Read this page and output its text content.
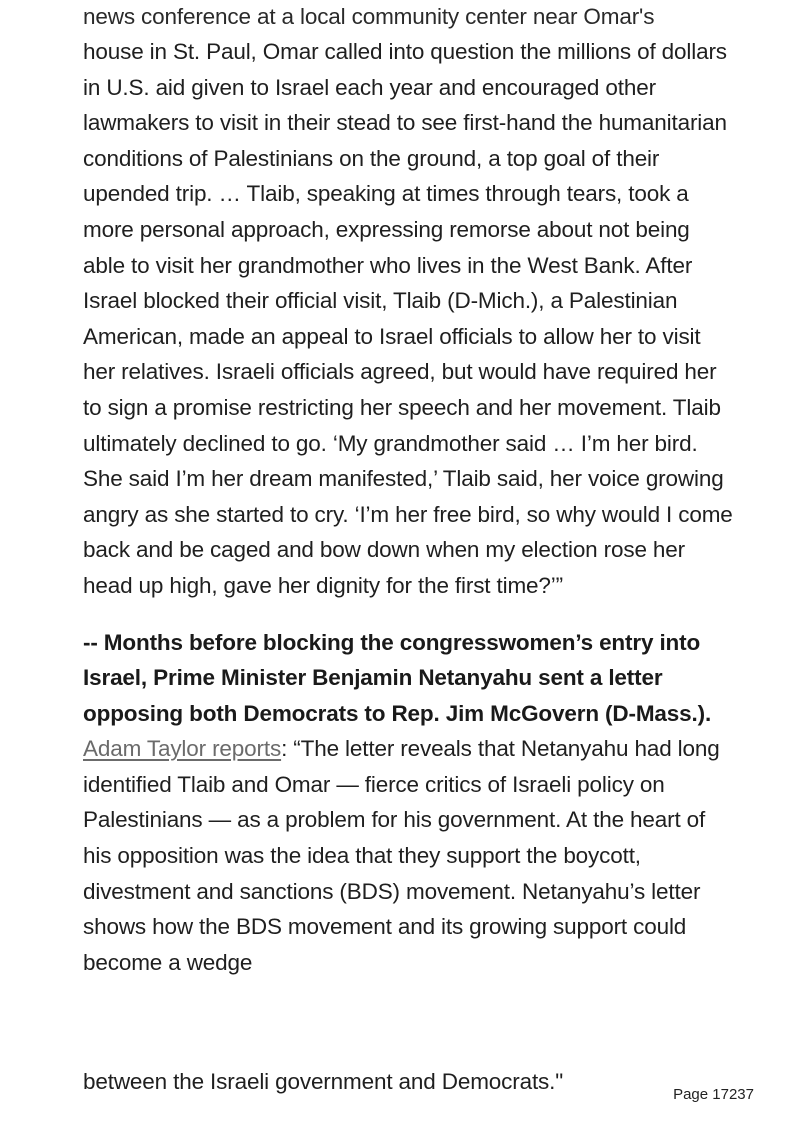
news conference at a local community center near Omar's

house in St. Paul, Omar called into question the millions of dollars in U.S. aid given to Israel each year and encouraged other lawmakers to visit in their stead to see first-hand the humanitarian conditions of Palestinians on the ground, a top goal of their upended trip. … Tlaib, speaking at times through tears, took a more personal approach, expressing remorse about not being able to visit her grandmother who lives in the West Bank. After Israel blocked their official visit, Tlaib (D-Mich.), a Palestinian American, made an appeal to Israel officials to allow her to visit her relatives. Israeli officials agreed, but would have required her to sign a promise restricting her speech and her movement. Tlaib ultimately declined to go. ‘My grandmother said … I’m her bird. She said I’m her dream manifested,’ Tlaib said, her voice growing angry as she started to cry. ‘I’m her free bird, so why would I come back and be caged and bow down when my election rose her head up high, gave her dignity for the first time?’”

-- Months before blocking the congresswomen’s entry into Israel, Prime Minister Benjamin Netanyahu sent a letter opposing both Democrats to Rep. Jim McGovern (D-Mass.). Adam Taylor reports: “The letter reveals that Netanyahu had long identified Tlaib and Omar — fierce critics of Israeli policy on Palestinians — as a problem for his government. At the heart of his opposition was the idea that they support the boycott, divestment and sanctions (BDS) movement. Netanyahu’s letter shows how the BDS movement and its growing support could become a wedge

between the Israeli government and Democrats."
Page 17237
